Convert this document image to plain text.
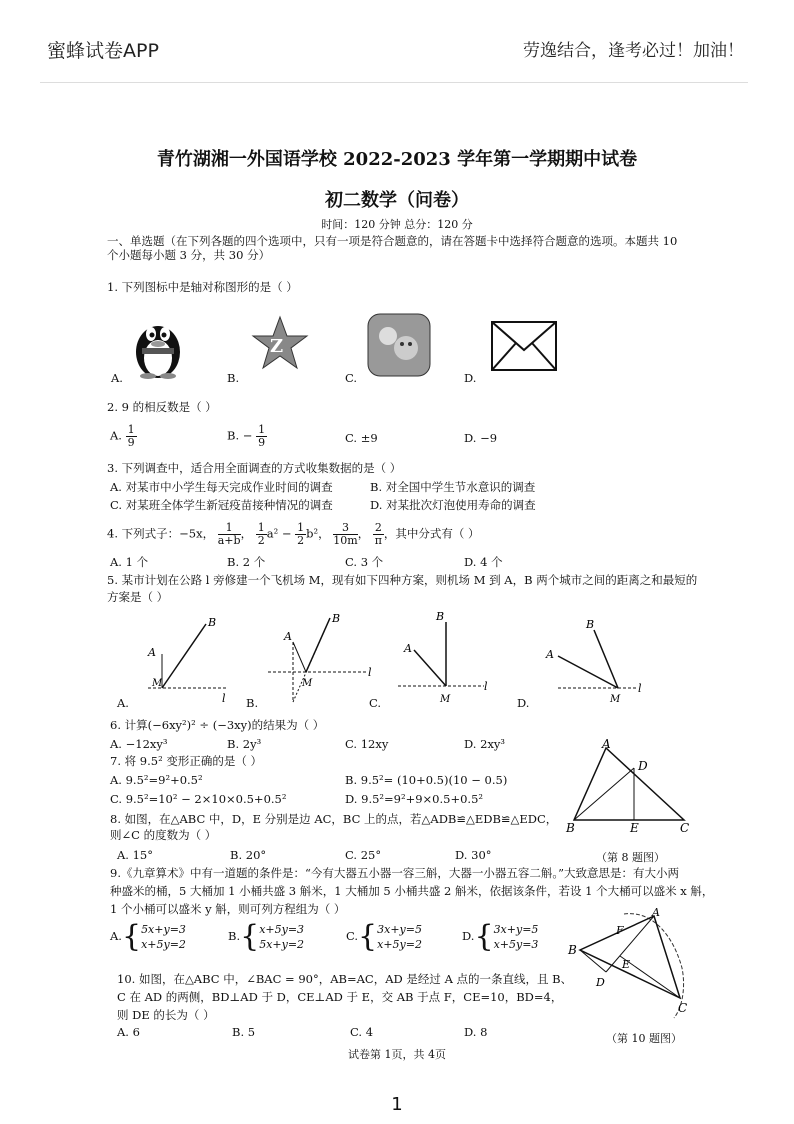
蜜蜂试卷APP	劳逸结合，逢考必过！加油！
青竹湖湘一外国语学校 2022-2023 学年第一学期期中试卷
初二数学（问卷）
时间：120 分钟 总分：120 分
一、单选题（在下列各题的四个选项中，只有一项是符合题意的，请在答题卡中选择符合题意的选项。本题共 10 个小题每小题 3 分，共 30 分）
1. 下列图标中是轴对称图形的是（ ）
Z
A.	B.	C.	D.
2. 9 的相反数是（ ）
A. $\frac{1}{9}$	B. − $\frac{1}{9}$	C. ±9	D. −9
3. 下列调查中，适合用全面调查的方式收集数据的是（ ）
A. 对某市中小学生每天完成作业时间的调查	B. 对全国中学生节水意识的调查
C. 对某班全体学生新冠疫苗接种情况的调查	D. 对某批次灯泡使用寿命的调查
4. 下列式子：−5x， $\frac{1}{a+b}$ ， $\frac{1}{2} a^2 - \frac{1}{2} b^2$， $\frac{3}{10m}$ ， $\frac{2}{\pi}$ ，其中分式有（ ）
A. 1 个	B. 2 个	C. 3 个	D. 4 个
5. 某市计划在公路 l 旁修建一个飞机场 M，现有如下四种方案，则机场 M 到 A，B 两个城市之间的距离之和最短的方案是（ ）
A
B
M
l
A
B
M
l
B
A
M
l
A
B
M
l
A.	B.	C.	D.
6. 计算(−6xy²)² ÷ (−3xy)的结果为（ ）
A. −12xy³	B. 2y³	C. 12xy	D. 2xy³
7. 将 9.5² 变形正确的是（ ）
A. 9.5²=9²+0.5²	B. 9.5²= (10+0.5)(10 − 0.5)
C. 9.5²=10² − 2×10×0.5+0.5²	D. 9.5²=9²+9×0.5+0.5²
A
D
B	E	C
8. 如图，在△ABC 中，D，E 分别是边 AC，BC 上的点，若△ADB≌△EDB≌△EDC，
则∠C 的度数为（ ）
A. 15°	B. 20°	C. 25°	D. 30°	（第 8 题图）
9.《九章算术》中有一道题的条件是：“今有大器五小器一容三斛，大器一小器五容二斛。”大致意思是：有大小两
种盛米的桶，5 大桶加 1 小桶共盛 3 斛米，1 大桶加 5 小桶共盛 2 斛米，依据该条件，若设 1 个大桶可以盛米 x 斛，
1 个小桶可以盛米 y 斛，则可列方程组为（ ）
A.{5x+y=3
x+5y=2
B.{x+5y=3
5x+y=2
C.{3x+y=5
x+5y=2
D.{3x+y=5
x+5y=3
A
B
C
D
E
F
10. 如图，在△ABC 中，∠BAC = 90°，AB=AC，AD 是经过 A 点的一条直线，且 B、
C 在 AD 的两侧，BD⊥AD 于 D，CE⊥AD 于 E，交 AB 于点 F，CE=10，BD=4，
则 DE 的长为（ ）
A. 6	B. 5	C. 4	D. 8	（第 10 题图）
试卷第 1页，共 4页
1
